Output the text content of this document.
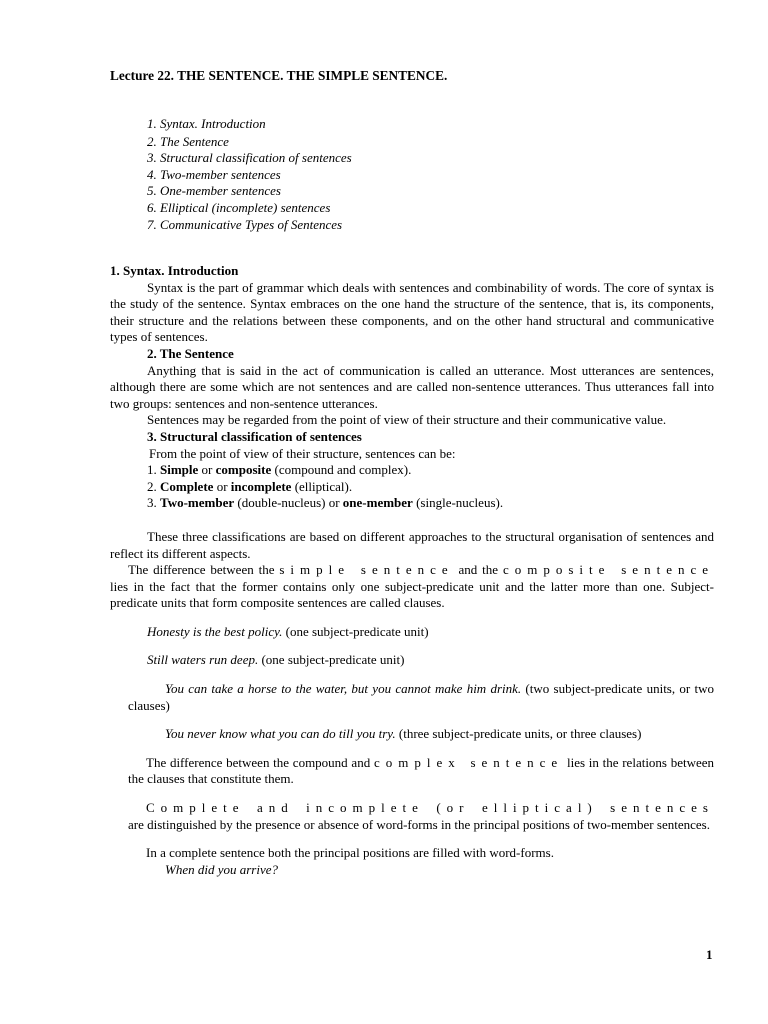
Lecture 22. THE SENTENCE. THE SIMPLE SENTENCE.
1. Syntax. Introduction
2. The Sentence
3. Structural classification of sentences
4. Two-member sentences
5. One-member sentences
6. Elliptical (incomplete) sentences
7. Communicative Types of Sentences

1. Syntax. Introduction

Syntax is the part of grammar which deals with sentences and combinability of words. The core of syntax is the study of the sentence. Syntax embraces on the one hand the structure of the sentence, that is, its components, their structure and the relations between these components, and on the other hand structural and communicative types of sentences.

2. The Sentence

Anything that is said in the act of communication is called an utterance. Most utterances are sentences, although there are some which are not sentences and are called non-sentence utterances. Thus utterances fall into two groups: sentences and non-sentence utterances.

Sentences may be regarded from the point of view of their structure and their communicative value.

3. Structural classification of sentences

From the point of view of their structure, sentences can be:

1. Simple or composite (compound and complex).

2. Complete or incomplete (elliptical).

3. Two-member (double-nucleus) or one-member (single-nucleus).

These three classifications are based on different approaches to the structural organisation of sentences and reflect its different aspects.

The difference between the simple sentence and the composite sentence lies in the fact that the former contains only one subject-predicate unit and the latter more than one. Subject-predicate units that form composite sentences are called clauses.

Honesty is the best policy. (one subject-predicate unit)

Still waters run deep. (one subject-predicate unit)

You can take a horse to the water, but you cannot make him drink. (two subject-predicate units, or two clauses)

You never know what you can do till you try. (three subject-predicate units, or three clauses)

The difference between the compound and complex sentence lies in the relations between the clauses that constitute them.

Complete and incomplete (or elliptical) sentences are distinguished by the presence or absence of word-forms in the principal positions of two-member sentences.

In a complete sentence both the principal positions are filled with word-forms.

When did you arrive?

1
